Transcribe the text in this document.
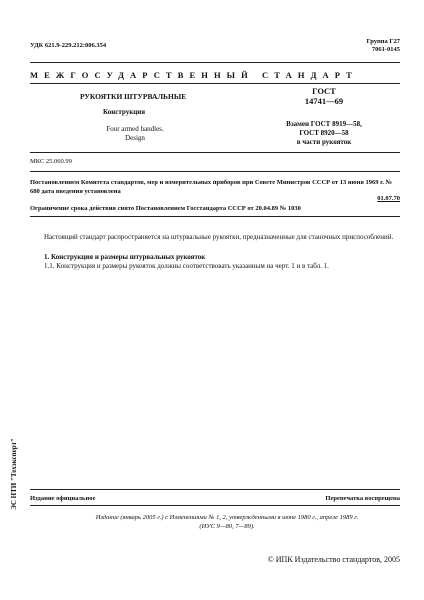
УДК 621.9-229.212:006.354
Группа Г27
7061-0145
МЕЖГОСУДАРСТВЕННЫЙ СТАНДАРТ
РУКОЯТКИ ШТУРВАЛЬНЫЕ
Конструкция
Four armed handles.
Design
ГОСТ
14741—69
Взамен ГОСТ 8919—58,
ГОСТ 8920—58
в части рукояток
МКС 25.060.99
Постановлением Комитета стандартов, мер и измерительных приборов при Совете Министров СССР от 13 июня 1969 г. № 680 дата введения установлена
01.07.70
Ограничение срока действия снято Постановлением Госстандарта СССР от 20.04.89 № 1030
Настоящий стандарт распространяется на штурвальные рукоятки, предназначенные для станочных приспособлений.
1. Конструкция и размеры штурвальных рукояток
1.1. Конструкция и размеры рукояток должны соответствовать указанным на черт. 1 и в табл. 1.
ЭС НТИ "Техэксперт" Издание официальное	Перепечатка воспрещена
Издание (январь 2005 г.) с Изменениями № 1, 2, утвержденными в июне 1980 г., апреле 1989 г.
(ИУС 9—80, 7—89).
© ИПК Издательство стандартов, 2005
